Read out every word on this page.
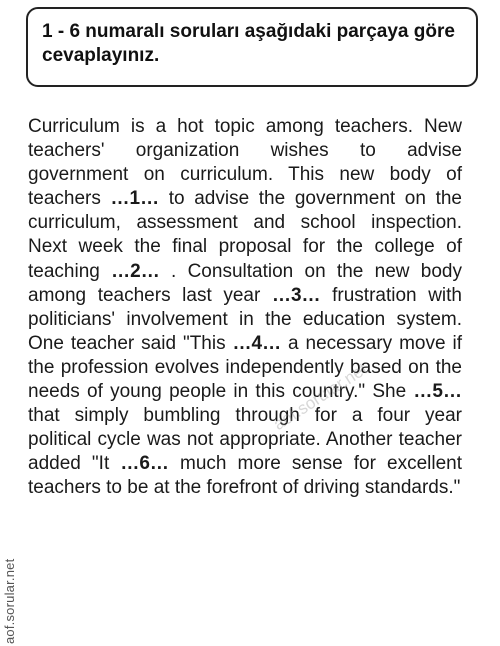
1 - 6 numaralı soruları aşağıdaki parçaya göre cevaplayınız.

Curriculum is a hot topic among teachers. New teachers' organization wishes to advise government on curriculum. This new body of teachers …1… to advise the government on the curriculum, assessment and school inspection. Next week the final proposal for the college of teaching …2… . Consultation on the new body among teachers last year …3… frustration with politicians' involvement in the education system. One teacher said "This …4… a necessary move if the profession evolves independently based on the needs of young people in this country." She …5… that simply bumbling through for a four year political cycle was not appropriate. Another teacher added "It …6… much more sense for excellent teachers to be at the forefront of driving standards."

aof.sorular.net
aof.sorular.net
